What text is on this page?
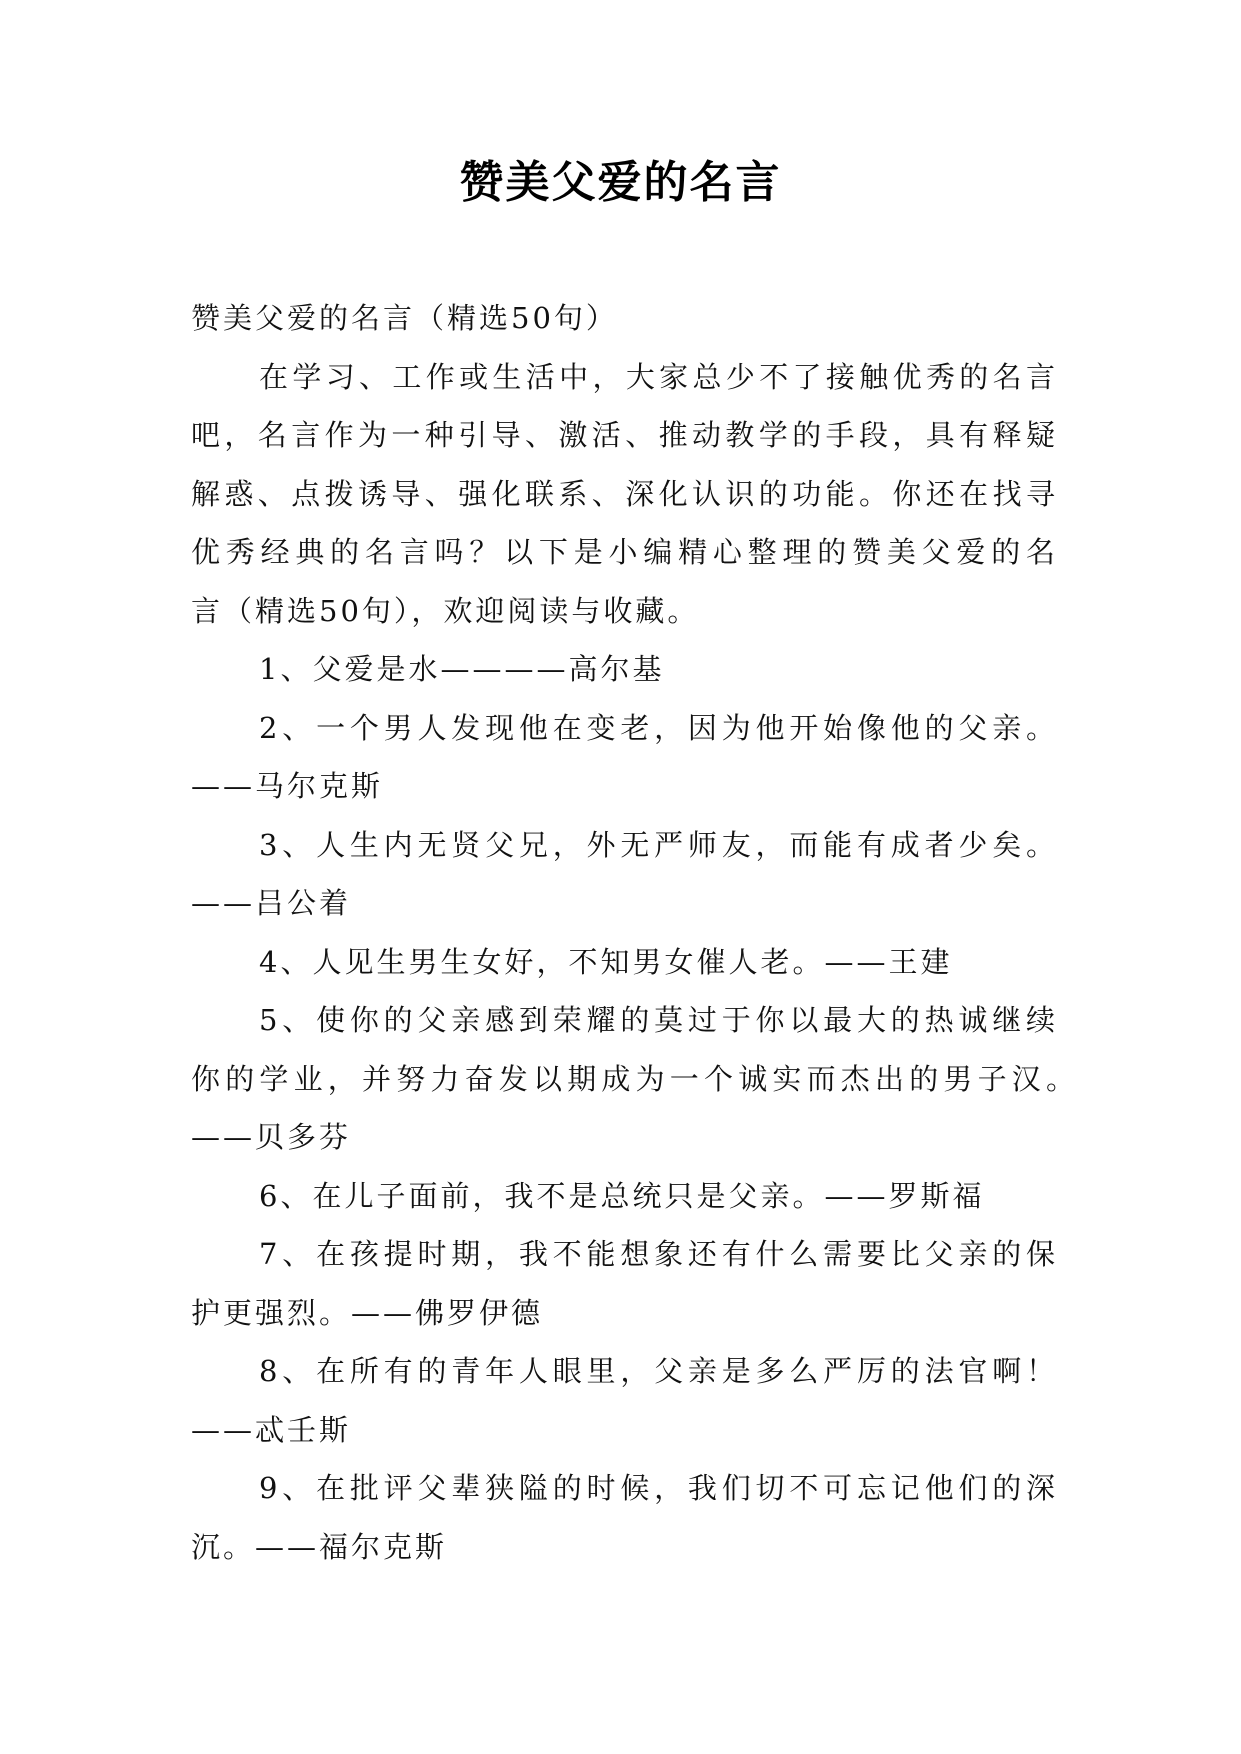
赞美父爱的名言
赞美父爱的名言（精选50句）
在学习、工作或生活中，大家总少不了接触优秀的名言
吧，名言作为一种引导、激活、推动教学的手段，具有释疑
解惑、点拨诱导、强化联系、深化认识的功能。你还在找寻
优秀经典的名言吗？以下是小编精心整理的赞美父爱的名
言（精选50句），欢迎阅读与收藏。
1、父爱是水————高尔基
2、一个男人发现他在变老，因为他开始像他的父亲。
——马尔克斯
3、人生内无贤父兄，外无严师友，而能有成者少矣。
——吕公着
4、人见生男生女好，不知男女催人老。——王建
5、使你的父亲感到荣耀的莫过于你以最大的热诚继续
你的学业，并努力奋发以期成为一个诚实而杰出的男子汉。
——贝多芬
6、在儿子面前，我不是总统只是父亲。——罗斯福
7、在孩提时期，我不能想象还有什么需要比父亲的保
护更强烈。——佛罗伊德
8、在所有的青年人眼里，父亲是多么严厉的法官啊！
——忒壬斯
9、在批评父辈狭隘的时候，我们切不可忘记他们的深
沉。——福尔克斯
